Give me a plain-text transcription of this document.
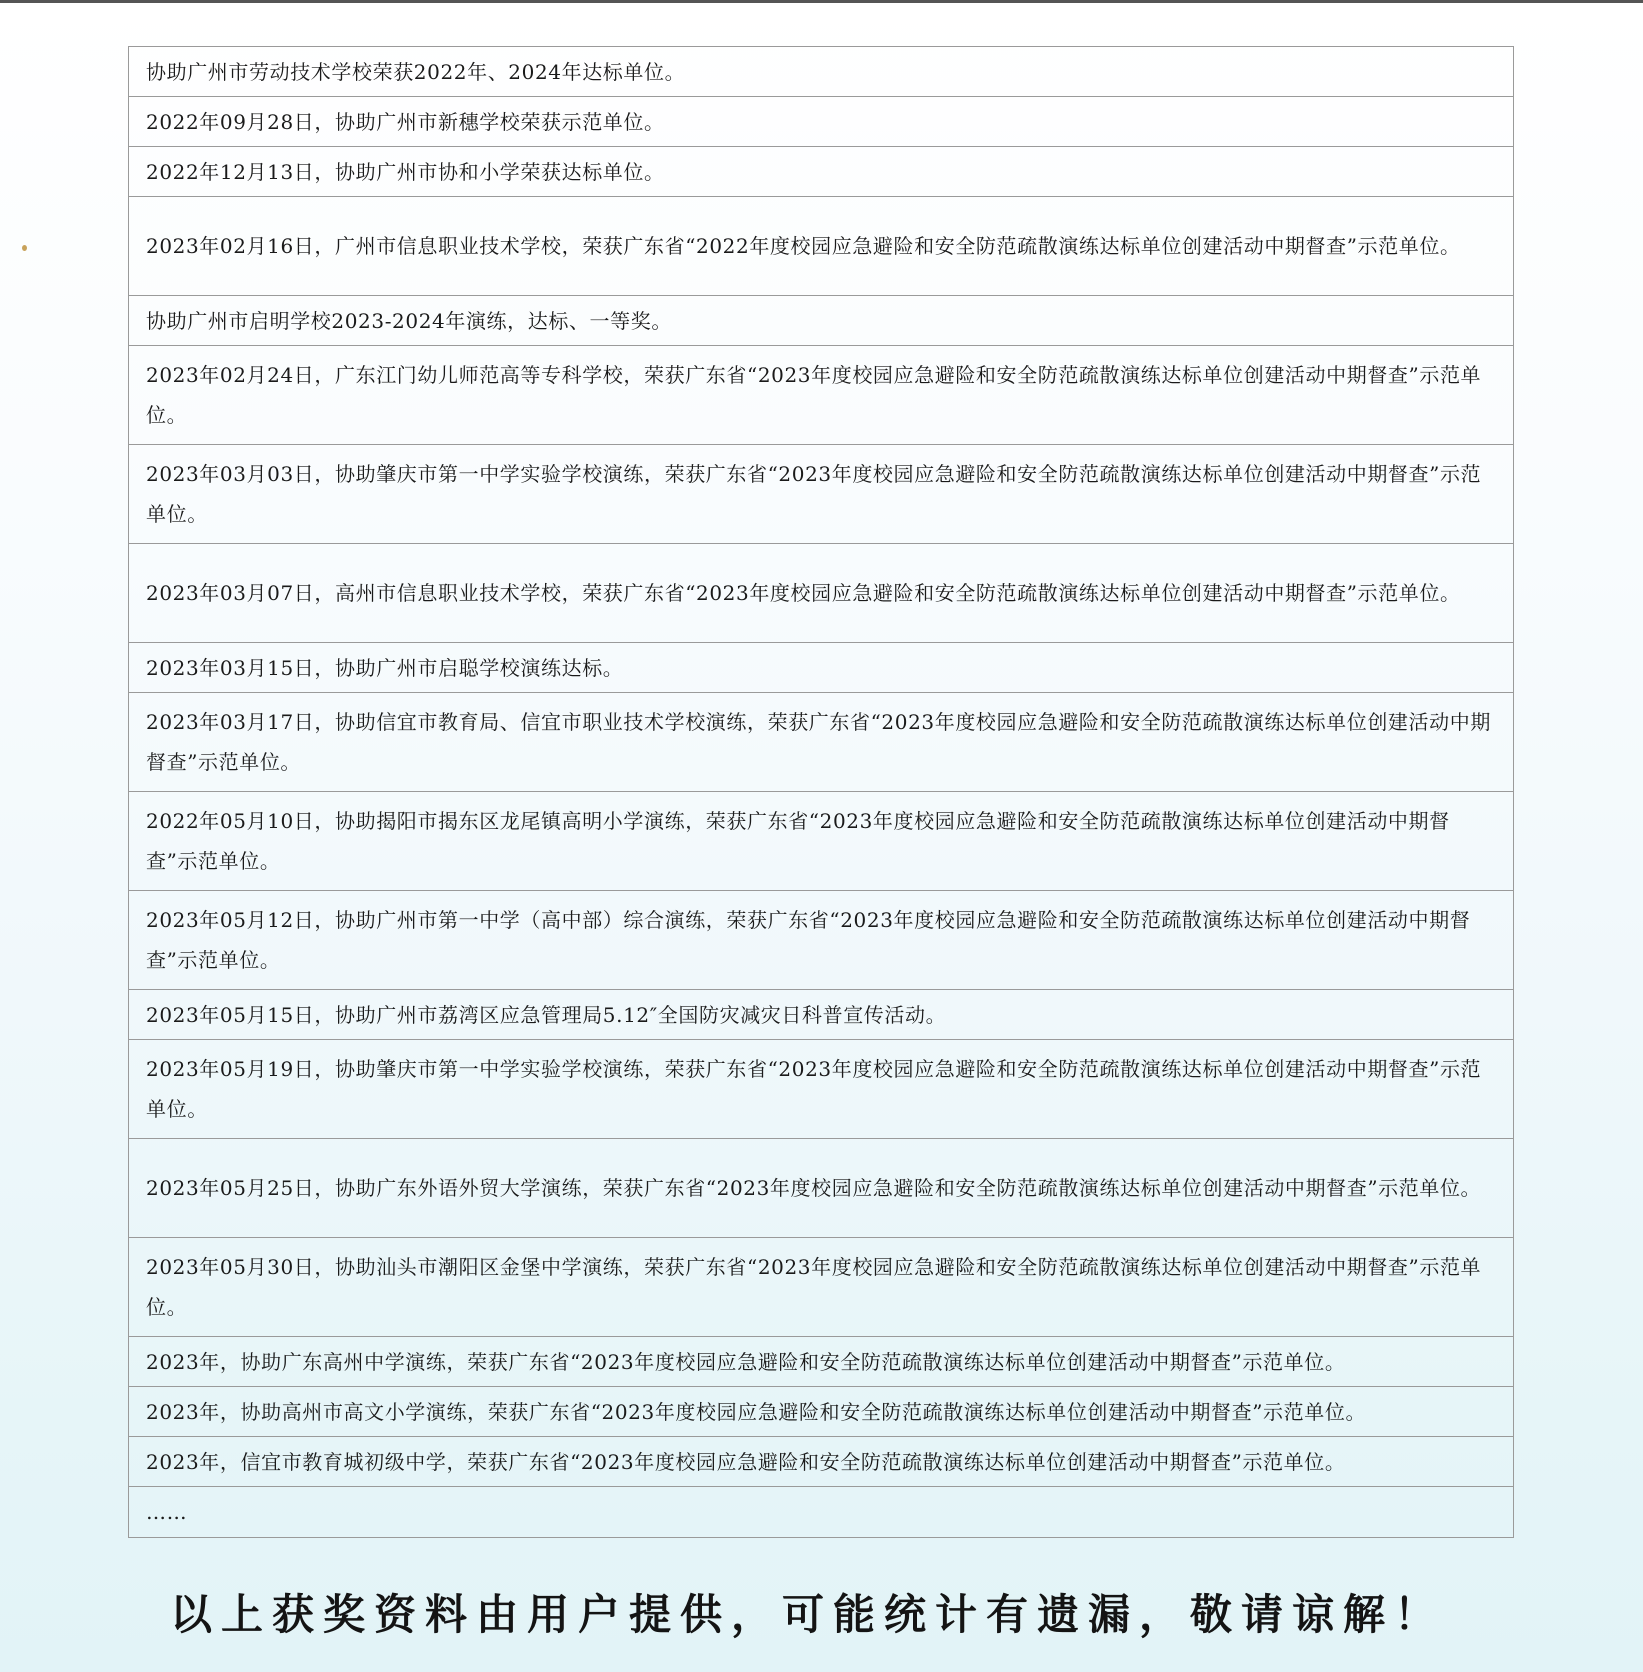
协助广州市劳动技术学校荣获2022年、2024年达标单位。
2022年09月28日，协助广州市新穗学校荣获示范单位。
2022年12月13日，协助广州市协和小学荣获达标单位。
2023年02月16日，广州市信息职业技术学校，荣获广东省“2022年度校园应急避险和安全防范疏散演练达标单位创建活动中期督查”示范单位。
协助广州市启明学校2023-2024年演练，达标、一等奖。
2023年02月24日，广东江门幼儿师范高等专科学校，荣获广东省“2023年度校园应急避险和安全防范疏散演练达标单位创建活动中期督查”示范单位。
2023年03月03日，协助肇庆市第一中学实验学校演练，荣获广东省“2023年度校园应急避险和安全防范疏散演练达标单位创建活动中期督查”示范单位。
2023年03月07日，高州市信息职业技术学校，荣获广东省“2023年度校园应急避险和安全防范疏散演练达标单位创建活动中期督查”示范单位。
2023年03月15日，协助广州市启聪学校演练达标。
2023年03月17日，协助信宜市教育局、信宜市职业技术学校演练，荣获广东省“2023年度校园应急避险和安全防范疏散演练达标单位创建活动中期督查”示范单位。
2022年05月10日，协助揭阳市揭东区龙尾镇高明小学演练，荣获广东省“2023年度校园应急避险和安全防范疏散演练达标单位创建活动中期督查”示范单位。
2023年05月12日，协助广州市第一中学（高中部）综合演练，荣获广东省“2023年度校园应急避险和安全防范疏散演练达标单位创建活动中期督查”示范单位。
2023年05月15日，协助广州市荔湾区应急管理局5.12″全国防灾减灾日科普宣传活动。
2023年05月19日，协助肇庆市第一中学实验学校演练，荣获广东省“2023年度校园应急避险和安全防范疏散演练达标单位创建活动中期督查”示范单位。
2023年05月25日，协助广东外语外贸大学演练，荣获广东省“2023年度校园应急避险和安全防范疏散演练达标单位创建活动中期督查”示范单位。
2023年05月30日，协助汕头市潮阳区金堡中学演练，荣获广东省“2023年度校园应急避险和安全防范疏散演练达标单位创建活动中期督查”示范单位。
2023年，协助广东高州中学演练，荣获广东省“2023年度校园应急避险和安全防范疏散演练达标单位创建活动中期督查”示范单位。
2023年，协助高州市高文小学演练，荣获广东省“2023年度校园应急避险和安全防范疏散演练达标单位创建活动中期督查”示范单位。
2023年，信宜市教育城初级中学，荣获广东省“2023年度校园应急避险和安全防范疏散演练达标单位创建活动中期督查”示范单位。
……
以上获奖资料由用户提供，可能统计有遗漏，敬请谅解！
